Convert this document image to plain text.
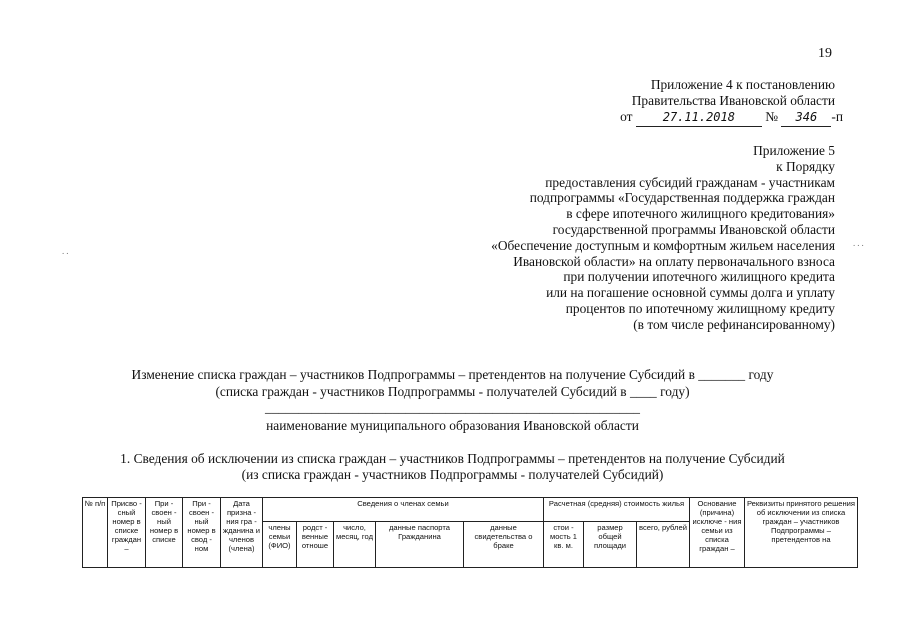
19
Приложение 4 к постановлению
Правительства Ивановской области
от	27.11.2018 № 346 -п
Приложение 5
к Порядку
предоставления субсидий гражданам - участникам
подпрограммы «Государственная поддержка граждан
в сфере ипотечного жилищного кредитования»
государственной программы Ивановской области
«Обеспечение доступным и комфортным жильем населения
Ивановской области» на оплату первоначального взноса
при получении ипотечного жилищного кредита
или на погашение основной суммы долга и уплату
процентов по ипотечному жилищному кредиту
(в том числе рефинансированному)
..
...
Изменение списка граждан – участников Подпрограммы – претендентов на получение Субсидий в _______ году
(списка граждан - участников Подпрограммы - получателей Субсидий в ____ году)
________________________________________________________
наименование муниципального образования Ивановской области
1. Сведения об исключении из списка граждан – участников Подпрограммы – претендентов на получение Субсидий
(из списка граждан - участников Подпрограммы - получателей Субсидий)
№ п/п	Присво - сный номер в списке граждан –	При - своен - ный номер в списке	При - своен - ный номер в свод - ном	Дата призна - ния гра - жданина и членов (члена)	Сведения о членах семьи					Расчетная (средняя) стоимость жилья			Основание (причина) исключе - ния семьи из списка граждан –	Реквизиты принятого решения об исключении из списка граждан – участников Подпрограммы – претендентов на
					члены семьи (ФИО)	родст - венные отноше	число, месяц, год	данные паспорта Гражданина	данные свидетельства о браке	стои - мость 1 кв. м.	размер общей площади	всего, рублей		
